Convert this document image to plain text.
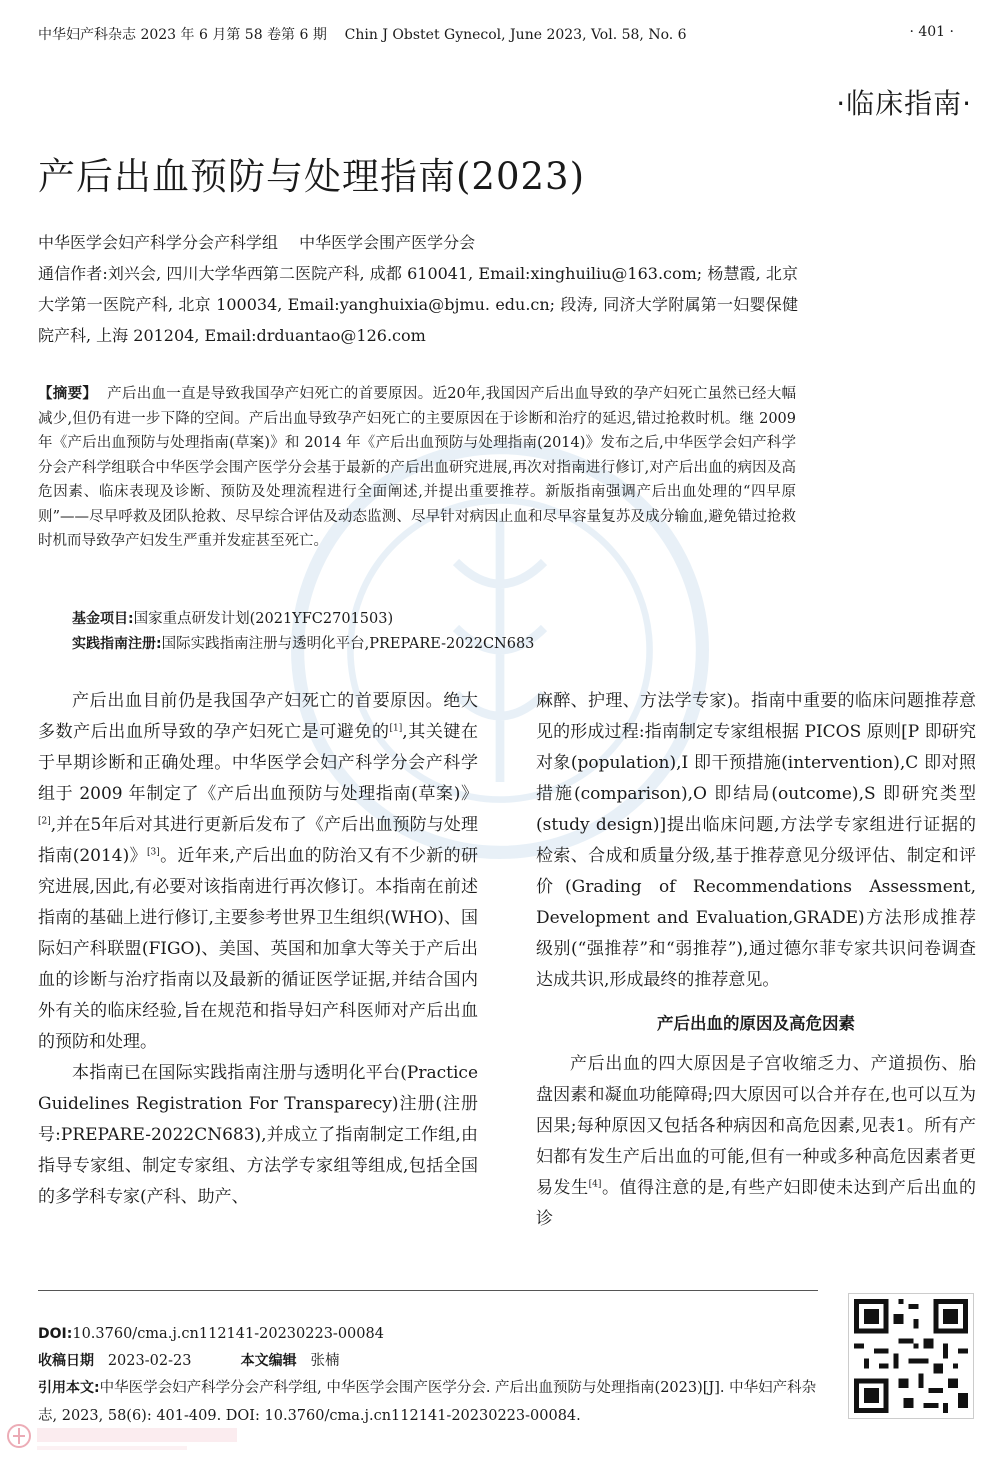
中华妇产科杂志 2023 年 6 月第 58 卷第 6 期 Chin J Obstet Gynecol, June 2023, Vol. 58, No. 6	· 401 ·
·临床指南·
产后出血预防与处理指南(2023)
中华医学会妇产科学分会产科学组　 中华医学会围产医学分会
通信作者:刘兴会, 四川大学华西第二医院产科, 成都 610041, Email:xinghuiliu@163.com; 杨慧霞, 北京大学第一医院产科, 北京 100034, Email:yanghuixia@bjmu. edu.cn; 段涛, 同济大学附属第一妇婴保健院产科, 上海 201204, Email:drduantao@126.com
【摘要】 产后出血一直是导致我国孕产妇死亡的首要原因。近20年,我国因产后出血导致的孕产妇死亡虽然已经大幅减少,但仍有进一步下降的空间。产后出血导致孕产妇死亡的主要原因在于诊断和治疗的延迟,错过抢救时机。继 2009 年《产后出血预防与处理指南(草案)》和 2014 年《产后出血预防与处理指南(2014)》发布之后,中华医学会妇产科学分会产科学组联合中华医学会围产医学分会基于最新的产后出血研究进展,再次对指南进行修订,对产后出血的病因及高危因素、临床表现及诊断、预防及处理流程进行全面阐述,并提出重要推荐。新版指南强调产后出血处理的“四早原则”——尽早呼救及团队抢救、尽早综合评估及动态监测、尽早针对病因止血和尽早容量复苏及成分输血,避免错过抢救时机而导致孕产妇发生严重并发症甚至死亡。
基金项目:国家重点研发计划(2021YFC2701503)
实践指南注册:国际实践指南注册与透明化平台,PREPARE-2022CN683

产后出血目前仍是我国孕产妇死亡的首要原因。绝大多数产后出血所导致的孕产妇死亡是可避免的[1],其关键在于早期诊断和正确处理。中华医学会妇产科学分会产科学组于 2009 年制定了《产后出血预防与处理指南(草案)》[2],并在5年后对其进行更新后发布了《产后出血预防与处理指南(2014)》[3]。近年来,产后出血的防治又有不少新的研究进展,因此,有必要对该指南进行再次修订。本指南在前述指南的基础上进行修订,主要参考世界卫生组织(WHO)、国际妇产科联盟(FIGO)、美国、英国和加拿大等关于产后出血的诊断与治疗指南以及最新的循证医学证据,并结合国内外有关的临床经验,旨在规范和指导妇产科医师对产后出血的预防和处理。

本指南已在国际实践指南注册与透明化平台(Practice Guidelines Registration For Transparecy)注册(注册号:PREPARE-2022CN683),并成立了指南制定工作组,由指导专家组、制定专家组、方法学专家组等组成,包括全国的多学科专家(产科、助产、

麻醉、护理、方法学专家)。指南中重要的临床问题推荐意见的形成过程:指南制定专家组根据 PICOS 原则[P 即研究对象(population),I 即干预措施(intervention),C 即对照措施(comparison),O 即结局(outcome),S 即研究类型(study design)]提出临床问题,方法学专家组进行证据的检索、合成和质量分级,基于推荐意见分级评估、制定和评价(Grading of Recommendations Assessment, Development and Evaluation,GRADE)方法形成推荐级别(“强推荐”和“弱推荐”),通过德尔菲专家共识问卷调查达成共识,形成最终的推荐意见。

产后出血的原因及高危因素

产后出血的四大原因是子宫收缩乏力、产道损伤、胎盘因素和凝血功能障碍;四大原因可以合并存在,也可以互为因果;每种原因又包括各种病因和高危因素,见表1。所有产妇都有发生产后出血的可能,但有一种或多种高危因素者更易发生[4]。值得注意的是,有些产妇即使未达到产后出血的诊

DOI:10.3760/cma.j.cn112141-20230223-00084
收稿日期 2023-02-23	本文编辑 张楠
引用本文:中华医学会妇产科学分会产科学组, 中华医学会围产医学分会. 产后出血预防与处理指南(2023)[J]. 中华妇产科杂志, 2023, 58(6): 401-409. DOI: 10.3760/cma.j.cn112141-20230223-00084.
